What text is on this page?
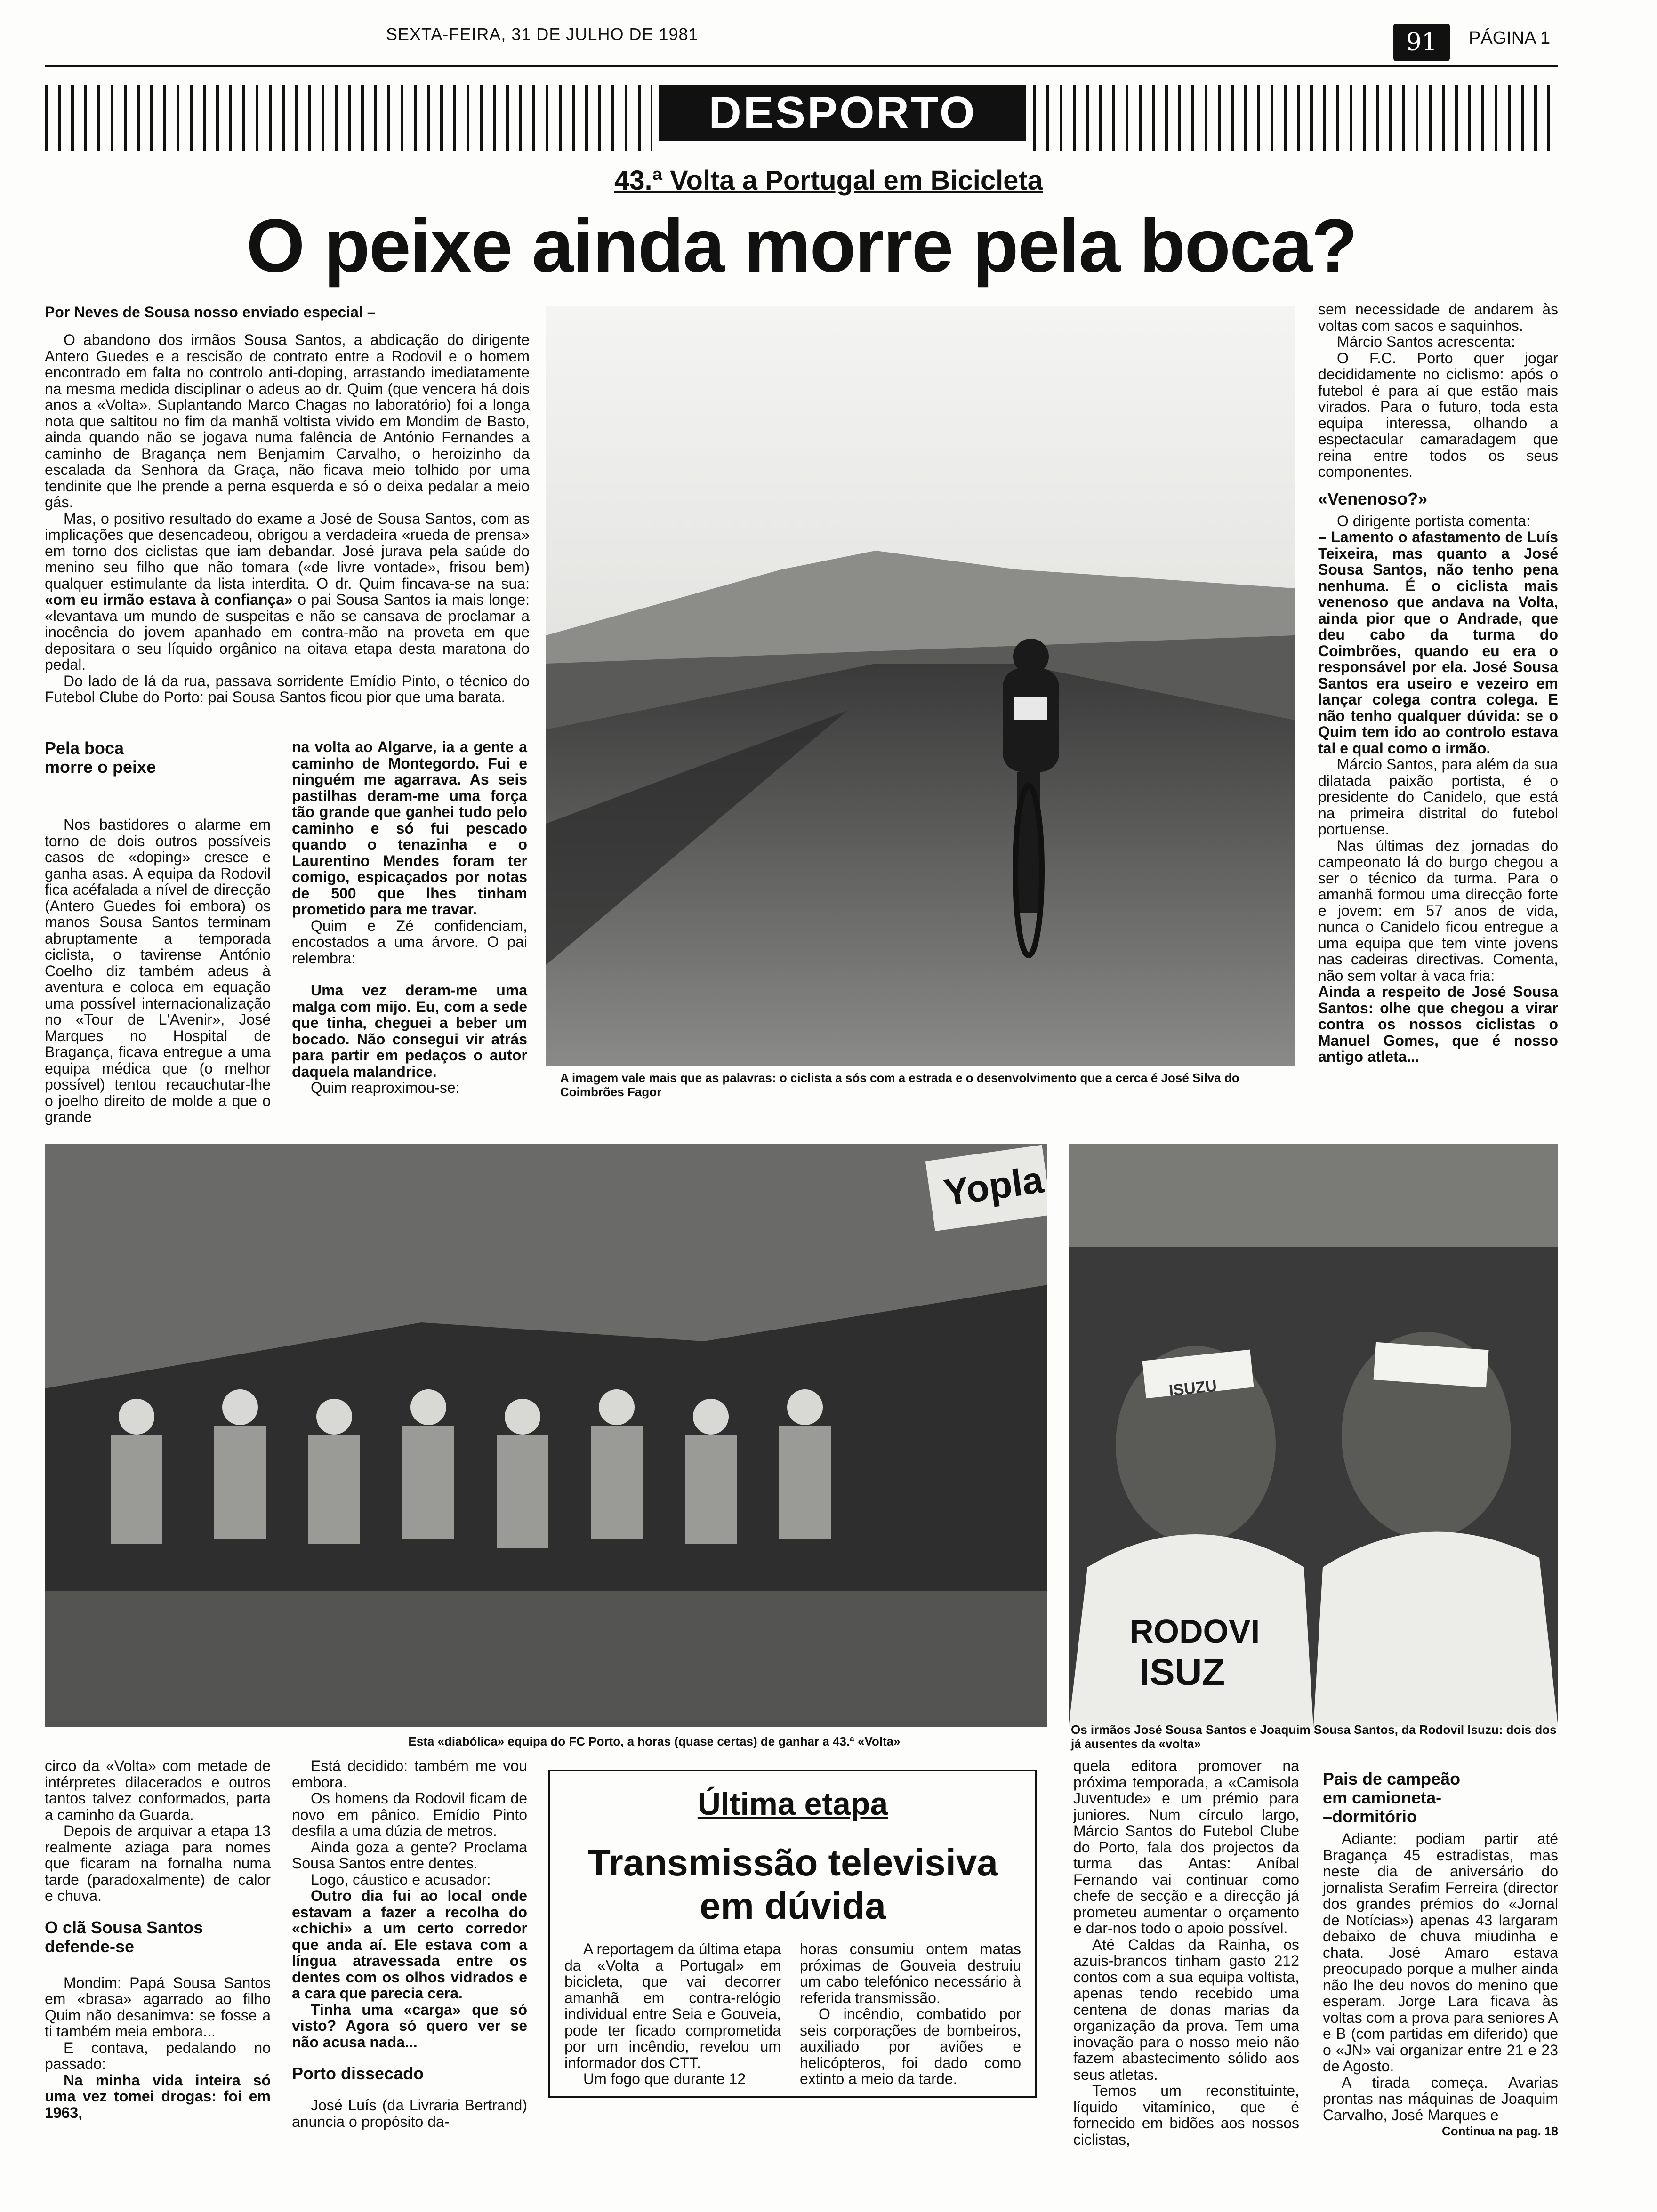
SEXTA-FEIRA, 31 DE JULHO DE 1981	91	PÁGINA 1
DESPORTO
43.ª Volta a Portugal em Bicicleta
O peixe ainda morre pela boca?
Por Neves de Sousa nosso enviado especial –

O abandono dos irmãos Sousa Santos, a abdicação do dirigente Antero Guedes e a rescisão de contrato entre a Rodovil e o homem encontrado em falta no controlo anti-doping, arrastando imediatamente na mesma medida disciplinar o adeus ao dr. Quim (que vencera há dois anos a «Volta». Suplantando Marco Chagas no laboratório) foi a longa nota que saltitou no fim da manhã voltista vivido em Mondim de Basto, ainda quando não se jogava numa falência de António Fernandes a caminho de Bragança nem Benjamim Carvalho, o heroizinho da escalada da Senhora da Graça, não ficava meio tolhido por uma tendinite que lhe prende a perna esquerda e só o deixa pedalar a meio gás.

Mas, o positivo resultado do exame a José de Sousa Santos, com as implicações que desencadeou, obrigou a verdadeira «rueda de prensa» em torno dos ciclistas que iam debandar. José jurava pela saúde do menino seu filho que não tomara («de livre vontade», frisou bem) qualquer estimulante da lista interdita. O dr. Quim fincava-se na sua: «om eu irmão estava à confiança» o pai Sousa Santos ia mais longe: «levantava um mundo de suspeitas e não se cansava de proclamar a inocência do jovem apanhado em contra-mão na proveta em que depositara o seu líquido orgânico na oitava etapa desta maratona do pedal.

Do lado de lá da rua, passava sorridente Emídio Pinto, o técnico do Futebol Clube do Porto: pai Sousa Santos ficou pior que uma barata.

Pela boca
morre o peixe

Nos bastidores o alarme em torno de dois outros possíveis casos de «doping» cresce e ganha asas. A equipa da Rodovil fica acéfalada a nível de direcção (Antero Guedes foi embora) os manos Sousa Santos terminam abruptamente a temporada ciclista, o tavirense António Coelho diz também adeus à aventura e coloca em equação uma possível internacionalização no «Tour de L'Avenir», José Marques no Hospital de Bragança, ficava entregue a uma equipa médica que (o melhor possível) tentou recauchutar-lhe o joelho direito de molde a que o grande

na volta ao Algarve, ia a gente a caminho de Montegordo. Fui e ninguém me agarrava. As seis pastilhas deram-me uma força tão grande que ganhei tudo pelo caminho e só fui pescado quando o tenazinha e o Laurentino Mendes foram ter comigo, espicaçados por notas de 500 que lhes tinham prometido para me travar.

Quim e Zé confidenciam, encostados a uma árvore. O pai relembra:

Uma vez deram-me uma malga com mijo. Eu, com a sede que tinha, cheguei a beber um bocado. Não consegui vir atrás para partir em pedaços o autor daquela malandrice.

Quim reaproximou-se:

A imagem vale mais que as palavras: o ciclista a sós com a estrada e o desenvolvimento que a cerca é José Silva do Coimbrões Fagor

sem necessidade de andarem às voltas com sacos e saquinhos.

Márcio Santos acrescenta:

O F.C. Porto quer jogar decididamente no ciclismo: após o futebol é para aí que estão mais virados. Para o futuro, toda esta equipa interessa, olhando a espectacular camaradagem que reina entre todos os seus componentes.

«Venenoso?»

O dirigente portista comenta:

– Lamento o afastamento de Luís Teixeira, mas quanto a José Sousa Santos, não tenho pena nenhuma. É o ciclista mais venenoso que andava na Volta, ainda pior que o Andrade, que deu cabo da turma do Coimbrões, quando eu era o responsável por ela. José Sousa Santos era useiro e vezeiro em lançar colega contra colega. E não tenho qualquer dúvida: se o Quim tem ido ao controlo estava tal e qual como o irmão.

Márcio Santos, para além da sua dilatada paixão portista, é o presidente do Canidelo, que está na primeira distrital do futebol portuense.

Nas últimas dez jornadas do campeonato lá do burgo chegou a ser o técnico da turma. Para o amanhã formou uma direcção forte e jovem: em 57 anos de vida, nunca o Canidelo ficou entregue a uma equipa que tem vinte jovens nas cadeiras directivas. Comenta, não sem voltar à vaca fria:

Ainda a respeito de José Sousa Santos: olhe que chegou a virar contra os nossos ciclistas o Manuel Gomes, que é nosso antigo atleta...

Yopla
Esta «diabólica» equipa do FC Porto, a horas (quase certas) de ganhar a 43.ª «Volta»
RODOVI
ISUZ
ISUZU
Os irmãos José Sousa Santos e Joaquim Sousa Santos, da Rodovil Isuzu: dois dos já ausentes da «volta»

circo da «Volta» com metade de intérpretes dilacerados e outros tantos talvez conformados, parta a caminho da Guarda.

Depois de arquivar a etapa 13 realmente aziaga para nomes que ficaram na fornalha numa tarde (paradoxalmente) de calor e chuva.

O clã Sousa Santos
defende-se

Mondim: Papá Sousa Santos em «brasa» agarrado ao filho Quim não desanimva: se fosse a ti também meia embora...

E contava, pedalando no passado:

Na minha vida inteira só uma vez tomei drogas: foi em 1963,

Está decidido: também me vou embora.

Os homens da Rodovil ficam de novo em pânico. Emídio Pinto desfila a uma dúzia de metros.

Ainda goza a gente? Proclama Sousa Santos entre dentes.

Logo, cáustico e acusador:

Outro dia fui ao local onde estavam a fazer a recolha do «chichi» a um certo corredor que anda aí. Ele estava com a língua atravessada entre os dentes com os olhos vidrados e a cara que parecia cera.

Tinha uma «carga» que só visto? Agora só quero ver se não acusa nada...

Porto dissecado

José Luís (da Livraria Bertrand) anuncia o propósito da-

Última etapa
Transmissão televisiva
em dúvida

A reportagem da última etapa da «Volta a Portugal» em bicicleta, que vai decorrer amanhã em contra-relógio individual entre Seia e Gouveia, pode ter ficado comprometida por um incêndio, revelou um informador dos CTT.

Um fogo que durante 12

horas consumiu ontem matas próximas de Gouveia destruiu um cabo telefónico necessário à referida transmissão.

O incêndio, combatido por seis corporações de bombeiros, auxiliado por aviões e helicópteros, foi dado como extinto a meio da tarde.

quela editora promover na próxima temporada, a «Camisola Juventude» e um prémio para juniores. Num círculo largo, Márcio Santos do Futebol Clube do Porto, fala dos projectos da turma das Antas: Aníbal Fernando vai continuar como chefe de secção e a direcção já prometeu aumentar o orçamento e dar-nos todo o apoio possível.

Até Caldas da Rainha, os azuis-brancos tinham gasto 212 contos com a sua equipa voltista, apenas tendo recebido uma centena de donas marias da organização da prova. Tem uma inovação para o nosso meio não fazem abastecimento sólido aos seus atletas.

Temos um reconstituinte, líquido vitamínico, que é fornecido em bidões aos nossos ciclistas,

Pais de campeão
em camioneta-
–dormitório

Adiante: podiam partir até Bragança 45 estradistas, mas neste dia de aniversário do jornalista Serafim Ferreira (director dos grandes prémios do «Jornal de Notícias») apenas 43 largaram debaixo de chuva miudinha e chata. José Amaro estava preocupado porque a mulher ainda não lhe deu novos do menino que esperam. Jorge Lara ficava às voltas com a prova para seniores A e B (com partidas em diferido) que o «JN» vai organizar entre 21 e 23 de Agosto.

A tirada começa. Avarias prontas nas máquinas de Joaquim Carvalho, José Marques e

Continua na pag. 18
